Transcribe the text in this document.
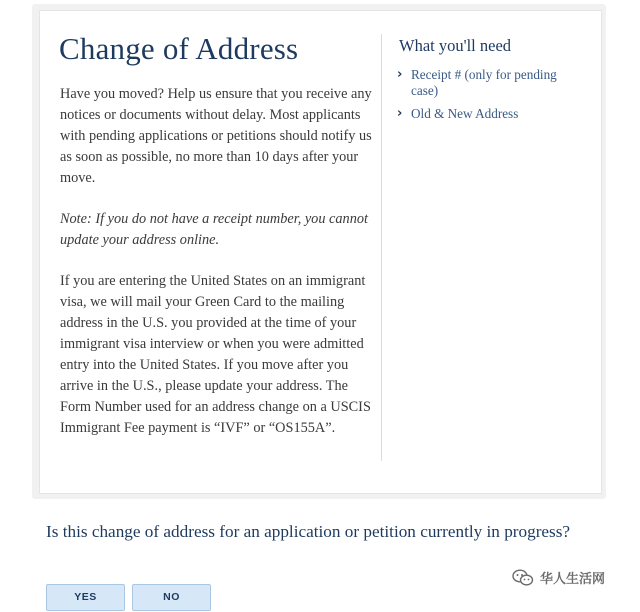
Change of Address

Have you moved? Help us ensure that you receive any notices or documents without delay. Most applicants with pending applications or petitions should notify us as soon as possible, no more than 10 days after your move.

Note: If you do not have a receipt number, you cannot update your address online.

If you are entering the United States on an immigrant visa, we will mail your Green Card to the mailing address in the U.S. you provided at the time of your immigrant visa interview or when you were admitted entry into the United States. If you move after you arrive in the U.S., please update your address. The Form Number used for an address change on a USCIS Immigrant Fee payment is “IVF” or “OS155A”.

What you'll need
› Receipt # (only for pending case)
› Old & New Address
Is this change of address for an application or petition currently in progress?
YES	NO
华人生活网
